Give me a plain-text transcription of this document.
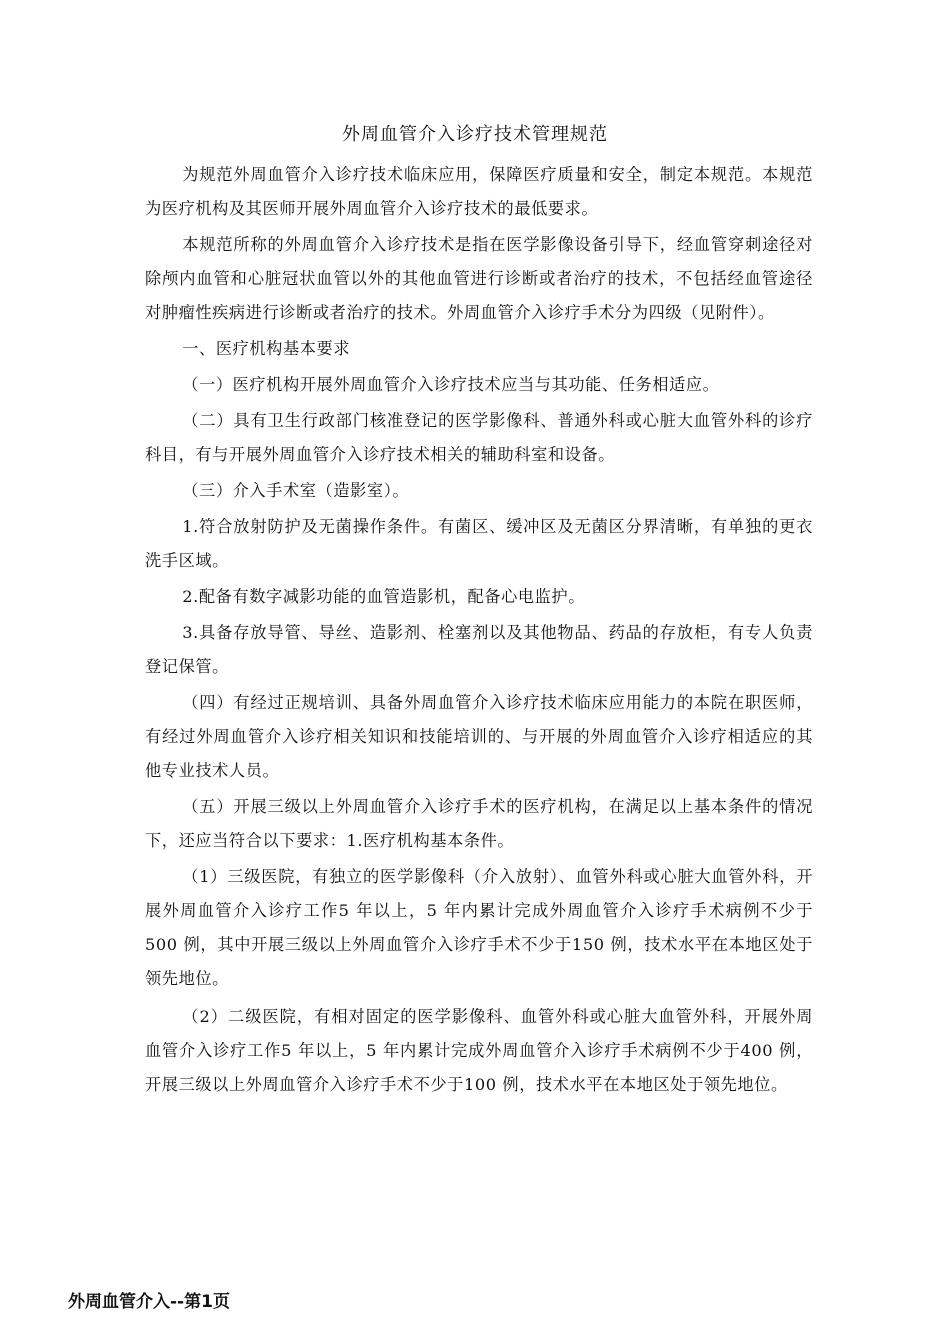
外周血管介入诊疗技术管理规范

为规范外周血管介入诊疗技术临床应用，保障医疗质量和安全，制定本规范。本规范为医疗机构及其医师开展外周血管介入诊疗技术的最低要求。

本规范所称的外周血管介入诊疗技术是指在医学影像设备引导下，经血管穿刺途径对除颅内血管和心脏冠状血管以外的其他血管进行诊断或者治疗的技术，不包括经血管途径对肿瘤性疾病进行诊断或者治疗的技术。外周血管介入诊疗手术分为四级（见附件）。

一、医疗机构基本要求

（一）医疗机构开展外周血管介入诊疗技术应当与其功能、任务相适应。

（二）具有卫生行政部门核准登记的医学影像科、普通外科或心脏大血管外科的诊疗科目，有与开展外周血管介入诊疗技术相关的辅助科室和设备。

（三）介入手术室（造影室）。

1.符合放射防护及无菌操作条件。有菌区、缓冲区及无菌区分界清晰，有单独的更衣洗手区域。

2.配备有数字减影功能的血管造影机，配备心电监护。

3.具备存放导管、导丝、造影剂、栓塞剂以及其他物品、药品的存放柜，有专人负责登记保管。

（四）有经过正规培训、具备外周血管介入诊疗技术临床应用能力的本院在职医师，有经过外周血管介入诊疗相关知识和技能培训的、与开展的外周血管介入诊疗相适应的其他专业技术人员。

（五）开展三级以上外周血管介入诊疗手术的医疗机构，在满足以上基本条件的情况下，还应当符合以下要求：1.医疗机构基本条件。

（1）三级医院，有独立的医学影像科（介入放射）、血管外科或心脏大血管外科，开展外周血管介入诊疗工作5 年以上，5 年内累计完成外周血管介入诊疗手术病例不少于500 例，其中开展三级以上外周血管介入诊疗手术不少于150 例，技术水平在本地区处于领先地位。

（2）二级医院，有相对固定的医学影像科、血管外科或心脏大血管外科，开展外周血管介入诊疗工作5 年以上，5 年内累计完成外周血管介入诊疗手术病例不少于400 例，开展三级以上外周血管介入诊疗手术不少于100 例，技术水平在本地区处于领先地位。

外周血管介入--第1页
